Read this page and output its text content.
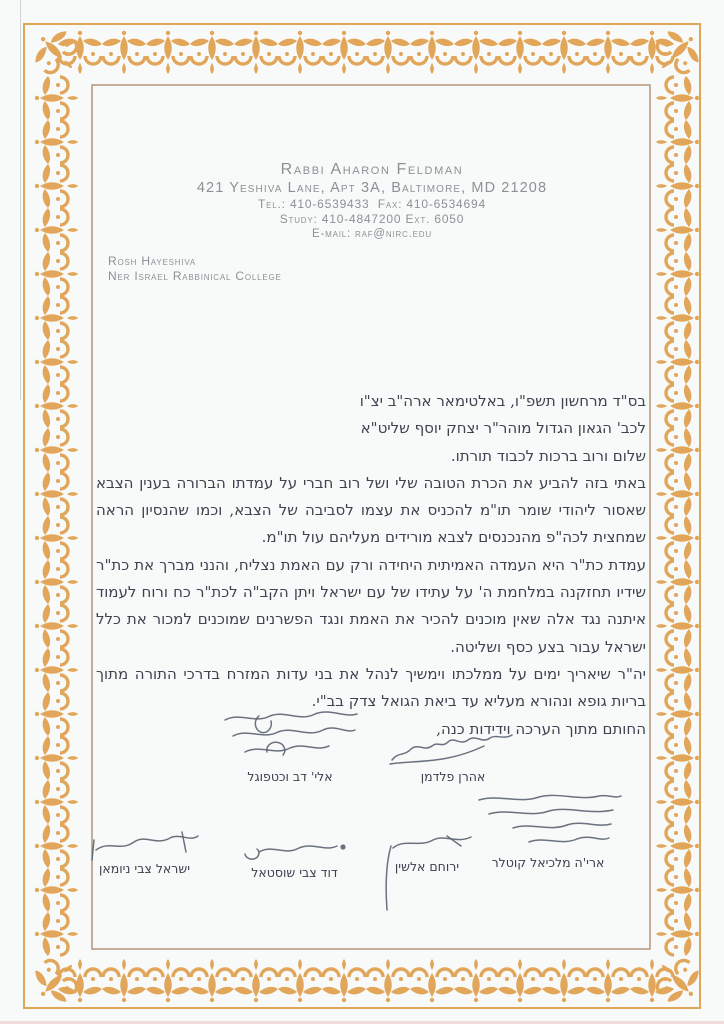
Rabbi Aharon Feldman
421 Yeshiva Lane, Apt 3A, Baltimore, MD 21208
Tel.: 410-6539433  Fax: 410-6534694
Study: 410-4847200 Ext. 6050
E-mail: raf@nirc.edu
Rosh Hayeshiva
Ner Israel Rabbinical College

בס"ד מרחשון תשפ"ו, באלטימאר ארה"ב יצ"ו

לכב' הגאון הגדול מוהר"ר יצחק יוסף שליט"א

שלום ורוב ברכות לכבוד תורתו.

באתי בזה להביע את הכרת הטובה שלי ושל רוב חברי על עמדתו הברורה בענין הצבא שאסור ליהודי שומר תו"מ להכניס את עצמו לסביבה של הצבא, וכמו שהנסיון הראה שמחצית לכה"פ מהנכנסים לצבא מורידים מעליהם עול תו"מ.

עמדת כת"ר היא העמדה האמיתית היחידה ורק עם האמת נצליח, והנני מברך את כת"ר שידיו תחזקנה במלחמת ה' על עתידו של עם ישראל ויתן הקב"ה לכת"ר כח ורוח לעמוד איתנה נגד אלה שאין מוכנים להכיר את האמת ונגד הפשרנים שמוכנים למכור את כלל ישראל עבור בצע כסף ושליטה.

יה"ר שיאריך ימים על ממלכתו וימשיך לנהל את בני עדות המזרח בדרכי התורה מתוך בריות גופא ונהורא מעליא עד ביאת הגואל צדק בב"י.

החותם מתוך הערכה וידידות כנה,

אהרן פלדמן
אלי' דב וכטפוגל
ארי'ה מלכיאל קוטלר
ירוחם אלשין
דוד צבי שוסטאל
ישראל צבי ניומאן
